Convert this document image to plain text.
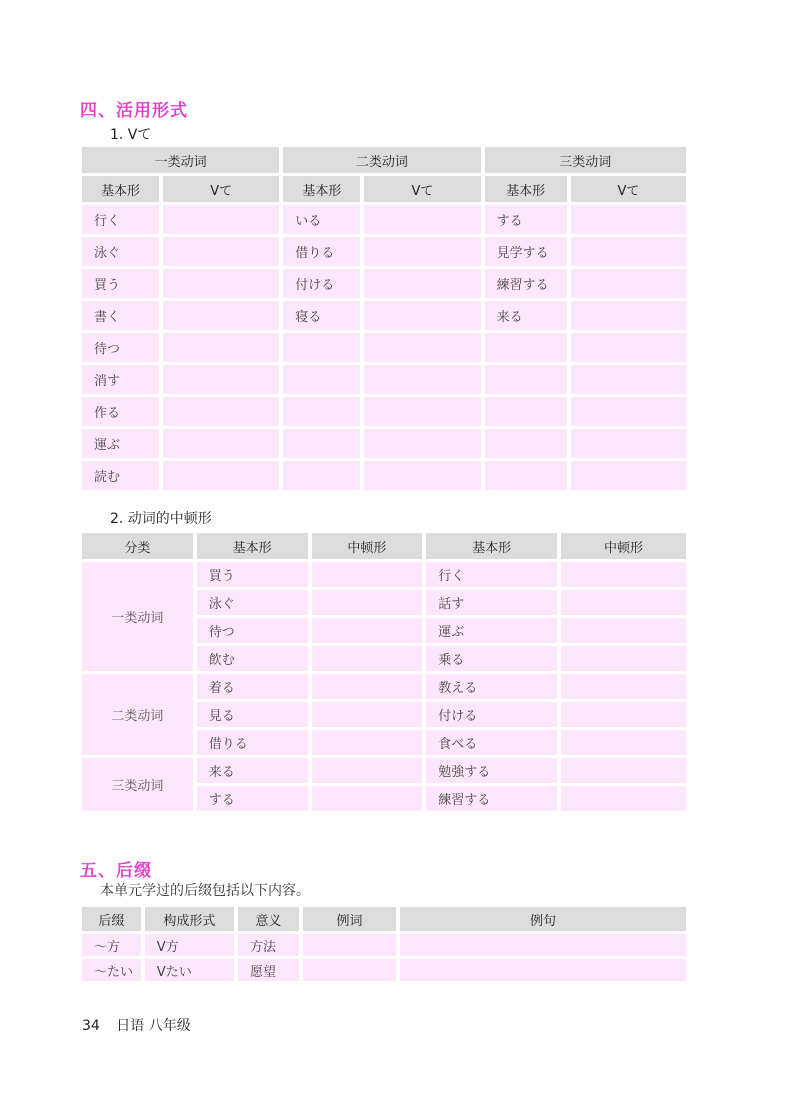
四、活用形式

1. Vて

一类动词		二类动词		三类动词	
基本形	Vて	基本形	Vて	基本形	Vて
行く		いる		する	
泳ぐ		借りる		見学する	
買う		付ける		練習する	
書く		寝る		来る	
待つ					
消す					
作る					
運ぶ					
読む					

2. 动词的中顿形

分类	基本形	中顿形	基本形	中顿形
一类动词	買う		行く	
	泳ぐ		話す	
	待つ		運ぶ	
	飲む		乗る	
二类动词	着る		教える	
	見る		付ける	
	借りる		食べる	
三类动词	来る		勉強する	
	する		練習する	
五、后缀

本单元学过的后缀包括以下内容。

后缀	构成形式	意义	例词	例句
～方	V方	方法		
～たい	Vたい	愿望		
34 日语 八年级
